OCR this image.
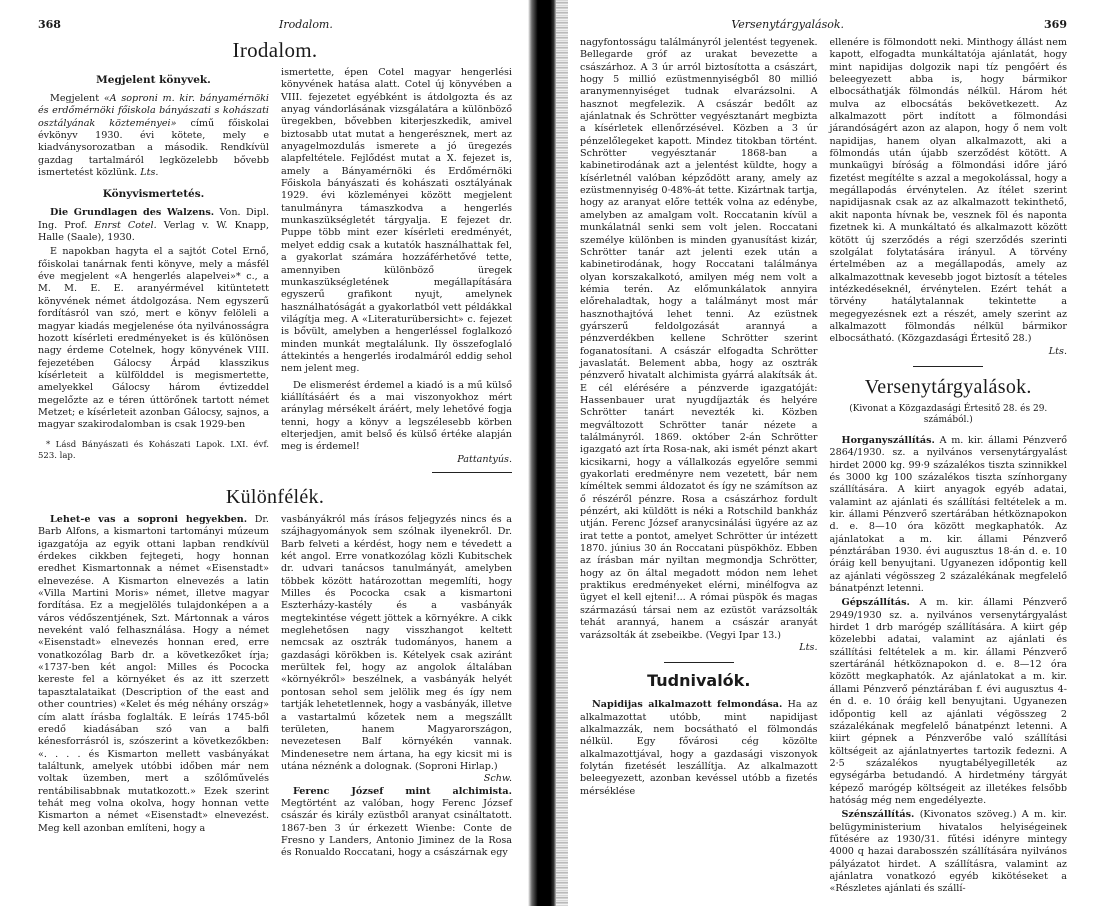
368	Irodalom.
Irodalom.
Megjelent könyvek.

Megjelent «A soproni m. kir. bányamérnöki és erdőmérnöki főiskola bányászati s kohászati osztályának közteményei» című főiskolai évkönyv 1930. évi kötete, mely e kiadványsorozatban a második. Rendkívül gazdag tartalmáról legközelebb bővebb ismertetést közlünk. Lts.

Könyvismertetés.

Die Grundlagen des Walzens. Von. Dipl. Ing. Prof. Enrst Cotel. Verlag v. W. Knapp, Halle (Saale), 1930.

E napokban hagyta el a sajtót Cotel Ernő, főiskolai tanárnak fenti könyve, mely a másfél éve megjelent «A hengerlés alapelvei»* c., a M. M. E. E. aranyérmével kitüntetett könyvének német átdolgozása. Nem egyszerű fordításról van szó, mert e könyv felöleli a magyar kiadás megjelenése óta nyilvánosságra hozott kísérleti eredményeket is és különösen nagy érdeme Cotelnek, hogy könyvének VIII. fejezetében Gálocsy Árpád klasszikus kísérleteit a külfölddel is megismertette, amelyekkel Gálocsy három évtizeddel megelőzte az e téren úttörőnek tartott német Metzet; e kísérleteit azonban Gálocsy, sajnos, a magyar szakirodalomban is csak 1929-ben

* Lásd Bányászati és Kohászati Lapok. LXI. évf. 523. lap.

ismertette, épen Cotel magyar hengerlési könyvének hatása alatt. Cotel új könyvében a VIII. fejezetet egyébként is átdolgozta és az anyag vándorlásának vizsgálatára a különböző üregekben, bővebben kiterjeszkedik, amivel biztosabb utat mutat a hengerésznek, mert az anyagelmozdulás ismerete a jó üregezés alapfeltétele. Fejlődést mutat a X. fejezet is, amely a Bányamérnöki és Erdőmérnöki Főiskola bányászati és kohászati osztályának 1929. évi közleményei között megjelent tanulmányra támaszkodva a hengerlés munkaszükségletét tárgyalja. E fejezet dr. Puppe több mint ezer kísérleti eredményét, melyet eddig csak a kutatók használhattak fel, a gyakorlat számára hozzáférhetővé tette, amennyiben különböző üregek munkaszükségletének megállapítására egyszerű grafikont nyujt, amelynek használhatóságát a gyakorlatból vett példákkal világítja meg. A «Literaturübersicht» c. fejezet is bővült, amelyben a hengerléssel foglalkozó minden munkát megtalálunk. Ily összefoglaló áttekintés a hengerlés irodalmáról eddig sehol nem jelent meg.

De elismerést érdemel a kiadó is a mű külső kiállításáért és a mai viszonyokhoz mért aránylag mérsékelt áráért, mely lehetővé fogja tenni, hogy a könyv a legszélesebb körben elterjedjen, amit belső és külső értéke alapján meg is érdemel!

Pattantyús.
Különfélék.

Lehet-e vas a soproni hegyekben. Dr. Barb Alfons, a kismartoni tartományi múzeum igazgatója az egyik ottani lapban rendkívül érdekes cikkben fejtegeti, hogy honnan eredhet Kismartonnak a német «Eisenstadt» elnevezése. A Kismarton elnevezés a latin «Villa Martini Moris» német, illetve magyar fordítása. Ez a megjelölés tulajdonképen a a város védőszentjének, Szt. Mártonnak a város neveként való felhasználása. Hogy a német «Eisenstadt» elnevezés honnan ered, erre vonatkozólag Barb dr. a következőket írja; «1737-ben két angol: Milles és Pococka kereste fel a környéket és az itt szerzett tapasztalataikat (Description of the east and other countries) «Kelet és még néhány ország» cím alatt írásba foglalták. E leírás 1745-ből eredő kiadásában szó van a balfi kénesforrásról is, szószerint a következőkben: «. . . . és Kismarton mellett vasbányákat találtunk, amelyek utóbbi időben már nem voltak üzemben, mert a szőlőművelés rentábilisabbnak mutatkozott.» Ezek szerint tehát meg volna okolva, hogy honnan vette Kismarton a német «Eisenstadt» elnevezést. Meg kell azonban említeni, hogy a

vasbányákról más írásos feljegyzés nincs és a szájhagyományok sem szólnak ilyenekről. Dr. Barb felveti a kérdést, hogy nem e tévedett a két angol. Erre vonatkozólag közli Kubitschek dr. udvari tanácsos tanulmányát, amelyben többek között határozottan megemlíti, hogy Milles és Pococka csak a kismartoni Eszterházy-kastély és a vasbányák megtekintése végett jöttek a környékre. A cikk meglehetősen nagy visszhangot keltett nemcsak az osztrák tudományos, hanem a gazdasági körökben is. Kételyek csak aziránt merültek fel, hogy az angolok általában «környékről» beszélnek, a vasbányák helyét pontosan sehol sem jelölik meg és így nem tartják lehetetlennek, hogy a vasbányák, illetve a vastartalmú kőzetek nem a megszállt területen, hanem Magyarországon, nevezetesen Balf környékén vannak. Mindenesetre nem ártana, ha egy kicsit mi is utána néznénk a dolognak. (Soproni Hirlap.)

Schw.

Ferenc József mint alchimista. Megtörtént az valóban, hogy Ferenc József császár és király ezüstből aranyat csináltatott. 1867-ben 3 úr érkezett Wienbe: Conte de Fresno y Landers, Antonio Jiminez de la Rosa és Ronualdo Roccatani, hogy a császárnak egy

Versenytárgyalások.	369

nagyfontosságu találmányról jelentést tegyenek. Bellegarde gróf az urakat bevezette a császárhoz. A 3 úr arról biztosította a császárt, hogy 5 millió ezüstmennyiségből 80 millió aranymennyiséget tudnak elvarázsolni. A hasznot megfelezik. A császár bedőlt az ajánlatnak és Schrötter vegyésztanárt megbizta a kísérletek ellenőrzésével. Közben a 3 úr pénzelőlegeket kapott. Mindez titokban történt. Schrötter vegyésztanár 1868-ban a kabinetirodának azt a jelentést küldte, hogy a kísérletnél valóban képződött arany, amely az ezüstmennyiség 0·48%-át tette. Kizártnak tartja, hogy az aranyat előre tették volna az edénybe, amelyben az amalgam volt. Roccatanin kívül a munkálatnál senki sem volt jelen. Roccatani személye különben is minden gyanusítást kizár, Schrötter tanár azt jelenti ezek után a kabinetirodának, hogy Roccatani találmánya olyan korszakalkotó, amilyen még nem volt a kémia terén. Az előmunkálatok annyira előrehaladtak, hogy a találmányt most már hasznothajtóvá lehet tenni. Az ezüstnek gyárszerű feldolgozását arannyá a pénzverdékben kellene Schrötter szerint foganatosítani. A császár elfogadta Schrötter javaslatát. Belement abba, hogy az osztrák pénzverő hivatalt alchimista gyárrá alakítsák át. E cél elérésére a pénzverde igazgatóját: Hassenbauer urat nyugdíjazták és helyére Schrötter tanárt nevezték ki. Közben megváltozott Schrötter tanár nézete a találmányról. 1869. október 2-án Schrötter igazgató azt írta Rosa-nak, aki ismét pénzt akart kicsikarni, hogy a vállalkozás egyelőre semmi gyakorlati eredményre nem vezetett, bár nem kíméltek semmi áldozatot és így ne számítson az ő részéről pénzre. Rosa a császárhoz fordult pénzért, aki küldött is néki a Rotschild bankház utján. Ferenc József aranycsinálási ügyére az az irat tette a pontot, amelyet Schrötter úr intézett 1870. június 30 án Roccatani püspökhöz. Ebben az írásban már nyiltan megmondja Schrötter, hogy az ön által megadott módon nem lehet praktikus eredményeket elérni, minélfogva az ügyet el kell ejteni!... A római püspök és magas származású társai nem az ezüstöt varázsolták tehát arannyá, hanem a császár aranyát varázsolták át zsebeikbe. (Vegyi Ipar 13.)

Lts.
Tudnivalók.

Napidijas alkalmazott felmondása. Ha az alkalmazottat utóbb, mint napidijast alkalmazzák, nem bocsátható el fölmondás nélkül. Egy fővárosi cég közölte alkalmazottjával, hogy a gazdasági viszonyok folytán fizetését leszállítja. Az alkalmazott beleegyezett, azonban kevéssel utóbb a fizetés mérséklése

ellenére is fölmondott neki. Minthogy állást nem kapott, elfogadta munkáltatója ajánlatát, hogy mint napidijas dolgozik napi tíz pengőért és beleegyezett abba is, hogy bármikor elbocsáthatják fölmondás nélkül. Három hét mulva az elbocsátás bekövetkezett. Az alkalmazott pört indított a fölmondási járandóságért azon az alapon, hogy ő nem volt napidijas, hanem olyan alkalmazott, aki a fölmondás után újabb szerződést kötött. A munkaügyi bíróság a fölmondási időre járó fizetést megítélte s azzal a megokolással, hogy a megállapodás érvénytelen. Az ítélet szerint napidijasnak csak az az alkalmazott tekinthető, akit naponta hívnak be, vesznek föl és naponta fizetnek ki. A munkáltató és alkalmazott között kötött új szerződés a régi szerződés szerinti szolgálat folytatására irányul. A törvény értelmében az a megállapodás, amely az alkalmazottnak kevesebb jogot biztosít a tételes intézkedéseknél, érvénytelen. Ezért tehát a törvény hatálytalannak tekintette a megegyezésnek ezt a részét, amely szerint az alkalmazott fölmondás nélkül bármikor elbocsátható. (Közgazdasági Értesitő 28.)

Lts.
Versenytárgyalások.
(Kivonat a Közgazdasági Értesitő 28. és 29. számából.)

Horganyszállítás. A m. kir. állami Pénzverő 2864/1930. sz. a nyilvános versenytárgyalást hirdet 2000 kg. 99·9 százalékos tiszta szinnikkel és 3000 kg 100 százalékos tiszta színhorgany szállítására. A kiirt anyagok egyéb adatai, valamint az ajánlati és szállítási feltételek a m. kir. állami Pénzverő szertárában hétköznapokon d. e. 8—10 óra között megkaphatók. Az ajánlatokat a m. kir. állami Pénzverő pénztárában 1930. évi augusztus 18-án d. e. 10 óráig kell benyujtani. Ugyanezen időpontig kell az ajánlati végösszeg 2 százalékának megfelelő bánatpénzt letenni.

Gépszállítás. A m. kir. állami Pénzverő 2949/1930 sz. a. nyilvános versenytárgyalást hirdet 1 drb marógép szállítására. A kiirt gép közelebbi adatai, valamint az ajánlati és szállítási feltételek a m. kir. állami Pénzverő szertáránál hétköznapokon d. e. 8—12 óra között megkaphatók. Az ajánlatokat a m. kir. állami Pénzverő pénztárában f. évi augusztus 4-én d. e. 10 óráig kell benyujtani. Ugyanezen időpontig kell az ajánlati végösszeg 2 százalékának megfelelő bánatpénzt letenni. A kiirt gépnek a Pénzverőbe való szállítási költségeit az ajánlatnyertes tartozik fedezni. A 2·5 százalékos nyugtabélyegilleték az egységárba betudandó. A hirdetmény tárgyát képező marógép költségeit az illetékes felsőbb hatóság még nem engedélyezte.

Szénszállítás. (Kivonatos szöveg.) A m. kir. belügyministerium hivatalos helyiségeinek fűtésére az 1930/31. fűtési idényre mintegy 4000 q hazai darabosszén szállítására nyilvános pályázatot hirdet. A szállításra, valamint az ajánlatra vonatkozó egyéb kikötéseket a «Részletes ajánlati és szállí-
